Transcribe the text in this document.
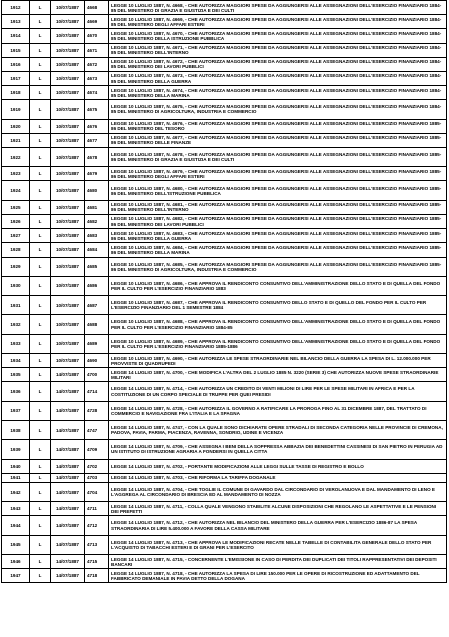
1912	L	10/07/1887	4668	LEGGE 10 LUGLIO 1887, N. 4668, - CHE AUTORIZZA MAGGIORI SPESE DA AGGIUNGERSI ALLE ASSEGNAZIONI DELL'ESERCIZIO FINANZIARIO 1884-85 DEL MINISTERO DI GRAZIA E GIUSTIZIA E DEI CULTI
1913	L	10/07/1887	4669	LEGGE 10 LUGLIO 1887, N. 4669, - CHE AUTORIZZA MAGGIORI SPESE DA AGGIUNGERSI ALLE ASSEGNAZIONI DELL'ESERCIZIO FINANZIARIO 1884-85 DEL MINISTERO DEGLI AFFARI ESTERI
1914	L	10/07/1887	4670	LEGGE 10 LUGLIO 1887, N. 4670, - CHE AUTORIZZA MAGGIORI SPESE DA AGGIUNGERSI ALLE ASSEGNAZIONI DELL'ESERCIZIO FINANZIARIO 1884-85 DEL MINISTERO DELLA ISTRUZIONE PUBBLICA
1915	L	10/07/1887	4671	LEGGE 10 LUGLIO 1887, N. 4671, - CHE AUTORIZZA MAGGIORI SPESE DA AGGIUNGERSI ALLE ASSEGNAZIONI DELL'ESERCIZIO FINANZIARIO 1884-85 DEL MINISTERO DELL'INTERNO
1916	L	10/07/1887	4672	LEGGE 10 LUGLIO 1887, N. 4672, - CHE AUTORIZZA MAGGIORI SPESE DA AGGIUNGERSI ALLE ASSEGNAZIONI DELL'ESERCIZIO FINANZIARIO 1884-85 DEL MINISTERO DEI LAVORI PUBBLICI
1917	L	10/07/1887	4673	LEGGE 10 LUGLIO 1887, N. 4673, - CHE AUTORIZZA MAGGIORI SPESE DA AGGIUNGERSI ALLE ASSEGNAZIONI DELL'ESERCIZIO FINANZIARIO 1884-85 DEL MINISTERO DELLA GUERRA
1918	L	10/07/1887	4674	LEGGE 10 LUGLIO 1887, N. 4674, - CHE AUTORIZZA MAGGIORI SPESE DA AGGIUNGERSI ALLE ASSEGNAZIONI DELL'ESERCIZIO FINANZIARIO 1884-85 DEL MINISTERO DELLA MARINA
1919	L	10/07/1887	4675	LEGGE 10 LUGLIO 1887, N. 4675, - CHE AUTORIZZA MAGGIORI SPESE DA AGGIUNGERSI ALLE ASSEGNAZIONI DELL'ESERCIZIO FINANZIARIO 1884-85 DEL MINISTERO DI AGRICOLTURA, INDUSTRIA E COMMERCIO
1920	L	10/07/1887	4676	LEGGE 10 LUGLIO 1887, N. 4676, - CHE AUTORIZZA MAGGIORI SPESE DA AGGIUNGERSI ALLE ASSEGNAZIONI DELL'ESERCIZIO FINANZIARIO 1885-86 DEL MINISTERO DEL TESORO
1921	L	10/07/1887	4677	LEGGE 10 LUGLIO 1887, N. 4677, - CHE AUTORIZZA MAGGIORI SPESE DA AGGIUNGERSI ALLE ASSEGNAZIONI DELL'ESERCIZIO FINANZIARIO 1885-86 DEL MINISTERO DELLE FINANZE
1922	L	10/07/1887	4678	LEGGE 10 LUGLIO 1887, N. 4678, - CHE AUTORIZZA MAGGIORI SPESE DA AGGIUNGERSI ALLE ASSEGNAZIONI DELL'ESERCIZIO FINANZIARIO 1885-86 DEL MINISTERO DI GRAZIA E GIUSTIZIA E DEI CULTI
1923	L	10/07/1887	4679	LEGGE 10 LUGLIO 1887, N. 4679, - CHE AUTORIZZA MAGGIORI SPESE DA AGGIUNGERSI ALLE ASSEGNAZIONI DELL'ESERCIZIO FINANZIARIO 1885-86 DEL MINISTERO DEGLI AFFARI ESTERI
1924	L	10/07/1887	4680	LEGGE 10 LUGLIO 1887, N. 4680, - CHE AUTORIZZA MAGGIORI SPESE DA AGGIUNGERSI ALLE ASSEGNAZIONI DELL'ESERCIZIO FINANZIARIO 1885-86 DEL MINISTERO DELL'ISTRUZIONE PUBBLICA
1925	L	10/07/1887	4681	LEGGE 10 LUGLIO 1887, N. 4681, - CHE AUTORIZZA MAGGIORI SPESE DA AGGIUNGERSI ALLE ASSEGNAZIONI DELL'ESERCIZIO FINANZIARIO 1885-86 DEL MINISTERO DELL'INTERNO
1926	L	10/07/1887	4682	LEGGE 10 LUGLIO 1887, N. 4682, - CHE AUTORIZZA MAGGIORI SPESE DA AGGIUNGERSI ALLE ASSEGNAZIONI DELL'ESERCIZIO FINANZIARIO 1885-86 DEL MINISTERO DEI LAVORI PUBBLICI
1927	L	10/07/1887	4683	LEGGE 10 LUGLIO 1887, N. 4683, - CHE AUTORIZZA MAGGIORI SPESE DA AGGIUNGERSI ALLE ASSEGNAZIONI DELL'ESERCIZIO FINANZIARIO 1885-86 DEL MINISTERO DELLA GUERRA
1928	L	10/07/1887	4684	LEGGE 10 LUGLIO 1887, N. 4684, - CHE AUTORIZZA MAGGIORI SPESE DA AGGIUNGERSI ALLE ASSEGNAZIONI DELL'ESERCIZIO FINANZIARIO 1885-86 DEL MINISTERO DELLA MARINA
1929	L	10/07/1887	4685	LEGGE 10 LUGLIO 1887, N. 4685, - CHE AUTORIZZA MAGGIORI SPESE DA AGGIUNGERSI ALLE ASSEGNAZIONI DELL'ESERCIZIO FINANZIARIO 1885-86 DEL MINISTERO DI AGRICOLTURA, INDUSTRIA E COMMERCIO
1930	L	10/07/1887	4686	LEGGE 10 LUGLIO 1887, N. 4686, - CHE APPROVA IL RENDICONTO CONSUNTIVO DELL'AMMINISTRAZIONE DELLO STATO E DI QUELLA DEL FONDO PER IL CULTO PER L'ESERCIZIO FINANZIARIO 1883
1931	L	10/07/1887	4687	LEGGE 10 LUGLIO 1887, N. 4687, - CHE APPROVA IL RENDICONTO CONSUNTIVO DELLO STATO E DI QUELLO DEL FONDO PER IL CULTO PER L'ESERCIZIO FINANZIARIO DEL 1 SEMESTRE 1884
1932	L	10/07/1887	4688	LEGGE 10 LUGLIO 1887, N. 4688, - CHE APPROVA IL RENDICONTO CONSUNTIVO DELL'AMMINISTRAZIONE DELLO STATO E DI QUELLA DEL FONDO PER IL CULTO PER L'ESERCIZIO FINANZIARIO 1884-85
1933	L	10/07/1887	4689	LEGGE 10 LUGLIO 1887, N. 4689, - CHE APPROVA IL RENDICONTO CONSUNTIVO DELL'AMMINISTRAZIONE DELLO STATO E DI QUELLA DEL FONDO PER IL CULTO PER L'ESERCIZIO FINANZIARIO 1885-1886
1934	L	10/07/1887	4690	LEGGE 10 LUGLIO 1887, N. 4690, - CHE AUTORIZZA LE SPESE STRAORDINARIE NEL BILANCIO DELLA GUERRA LA SPESA DI L. 12.000.000 PER PROVVISTE DI QUADRUPEDI
1935	L	14/07/1887	4700	LEGGE 14 LUGLIO 1887, N. 4700, - CHE MODIFICA L'ALTRA DEL 2 LUGLIO 1885 N. 3220 (SERIE 3) CHE AUTORIZZA NUOVE SPESE STRAORDINARIE MILITARI
1936	L	14/07/1887	4714	LEGGE 14 LUGLIO 1887, N. 4714, - CHE AUTORIZZA UN CREDITO DI VENTI MILIONI DI LIRE PER LE SPESE MILITARI IN AFRICA E PER LA COSTITUZIONE DI UN CORPO SPECIALE DI TRUPPE PER QUEI PRESIDI
1937	L	14/07/1887	4728	LEGGE 14 LUGLIO 1887, N. 4728, - CHE AUTORIZZA IL GOVERNO A RATIFICARE LA PROROGA FINO AL 31 DICEMBRE 1887, DEL TRATTATO DI COMMERCIO E NAVIGAZIONE FRA L'ITALIA E LA SPAGNA
1938	L	14/07/1887	4747	LEGGE 14 LUGLIO 1887, N. 4747, - CON LA QUALE SONO DICHIARATE OPERE STRADALI DI SECONDA CATEGORIA NELLE PROVINCIE DI CREMONA, PADOVA, PAVIA, PARMA, PIACENZA, RAVENNA, SONDRIO, UDINE E VICENZA
1939	L	14/07/1887	4709	LEGGE 14 LUGLIO 1887, N. 4709, - CHE ASSEGNA I BENI DELLA SOPPRESSA ABBAZIA DEI BENEDETTINI CASSINESI DI SAN PIETRO IN PERUGIA AD UN ISTITUTO DI ISTRUZIONE AGRARIA A FONDERSI IN QUELLA CITTA
1940	L	14/07/1887	4702	LEGGE 14 LUGLIO 1887, N. 4702, - PORTANTE MODIFICAZIONI ALLE LEGGI SULLE TASSE DI REGISTRO E BOLLO
1941	L	14/07/1887	4703	LEGGE 14 LUGLIO 1887, N. 4703, - CHE RIFORMA LA TARIFFA DOGANALE
1942	L	14/07/1887	4704	LEGGE 14 LUGLIO 1887, N. 4704, - CHE TOGLIE IL COMUNE DI GAVARDO DAL CIRCONDARIO DI VEROLANUOVA E DAL MANDAMENTO DI LENO E L'AGGREGA AL CIRCONDARIO DI BRESCIA ED AL MANDAMENTO DI NOZZA
1943	L	14/07/1887	4711	LEGGE 14 LUGLIO 1887, N. 4711, - COLLA QUALE VENGONO STABILITE ALCUNE DISPOSIZIONI CHE REGOLANO LE ASPETTATIVE E LE PENSIONI DEI PREFETTI
1944	L	14/07/1887	4712	LEGGE 14 LUGLIO 1887, N. 4712, - CHE AUTORIZZA NEL BILANCIO DEL MINISTERO DELLA GUERRA PER L'ESERCIZIO 1886-87 LA SPESA STRAORDINARIA DI LIRE 5.400.000 A FAVORE DELLA CASSA MILITARE
1945	L	14/07/1887	4713	LEGGE 14 LUGLIO 1887, N. 4713, - CHE APPROVA LE MODIFICAZIONI RECATE NELLE TABELLE DI CONTABILITA GENERALE DELLO STATO PER L'ACQUISTO DI TABACCHI ESTERI E DI GRANI PER L'ESERCITO
1946	L	14/07/1887	4715	LEGGE 14 LUGLIO 1887, N. 4715, - CONCERNENTE L'EMISSIONE IN CASO DI PERDITA DEI DUPLICATI DEI TITOLI RAPPRESENTATIVI DEI DEPOSITI BANCARI
1947	L	14/07/1887	4718	LEGGE 14 LUGLIO 1887, N. 4718, - CHE AUTORIZZA LA SPESA DI LIRE 150.000 PER LE OPERE DI RICOSTRUZIONE ED ADATTAMENTO DEL FABBRICATO DEMANIALE IN PAVIA DETTO DELLA DOGANA
